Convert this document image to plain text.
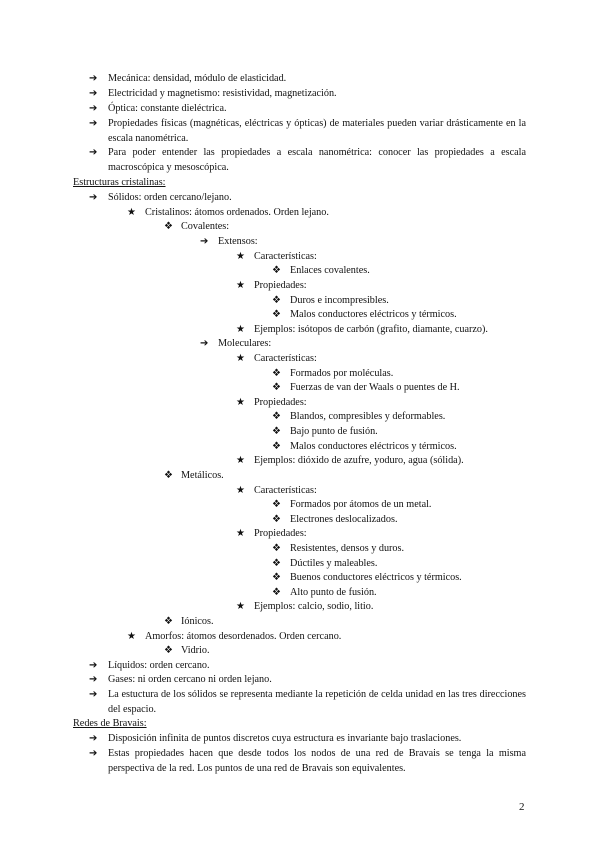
➔ Mecánica: densidad, módulo de elasticidad.
➔ Electricidad y magnetismo: resistividad, magnetización.
➔ Óptica: constante dieléctrica.
➔ Propiedades físicas (magnéticas, eléctricas y ópticas) de materiales pueden variar drásticamente en la escala nanométrica.
➔ Para poder entender las propiedades a escala nanométrica: conocer las propiedades a escala macroscópica y mesoscópica.
Estructuras cristalinas:
➔ Sólidos: orden cercano/lejano.
★ Cristalinos: átomos ordenados. Orden lejano.
❖ Covalentes:
➔ Extensos:
★ Características:
❖ Enlaces covalentes.
★ Propiedades:
❖ Duros e incompresibles.
❖ Malos conductores eléctricos y térmicos.
★ Ejemplos: isótopos de carbón (grafito, diamante, cuarzo).
➔ Moleculares:
★ Características:
❖ Formados por moléculas.
❖ Fuerzas de van der Waals o puentes de H.
★ Propiedades:
❖ Blandos, compresibles y deformables.
❖ Bajo punto de fusión.
❖ Malos conductores eléctricos y térmicos.
★ Ejemplos: dióxido de azufre, yoduro, agua (sólida).
❖ Metálicos.
★ Características:
❖ Formados por átomos de un metal.
❖ Electrones deslocalizados.
★ Propiedades:
❖ Resistentes, densos y duros.
❖ Dúctiles y maleables.
❖ Buenos conductores eléctricos y térmicos.
❖ Alto punto de fusión.
★ Ejemplos: calcio, sodio, litio.
❖ Iónicos.
★ Amorfos: átomos desordenados. Orden cercano.
❖ Vidrio.
➔ Líquidos: orden cercano.
➔ Gases: ni orden cercano ni orden lejano.
➔ La estuctura de los sólidos se representa mediante la repetición de celda unidad en las tres direcciones del espacio.
Redes de Bravais:
➔ Disposición infinita de puntos discretos cuya estructura es invariante bajo traslaciones.
➔ Estas propiedades hacen que desde todos los nodos de una red de Bravais se tenga la misma perspectiva de la red. Los puntos de una red de Bravais son equivalentes.
2
